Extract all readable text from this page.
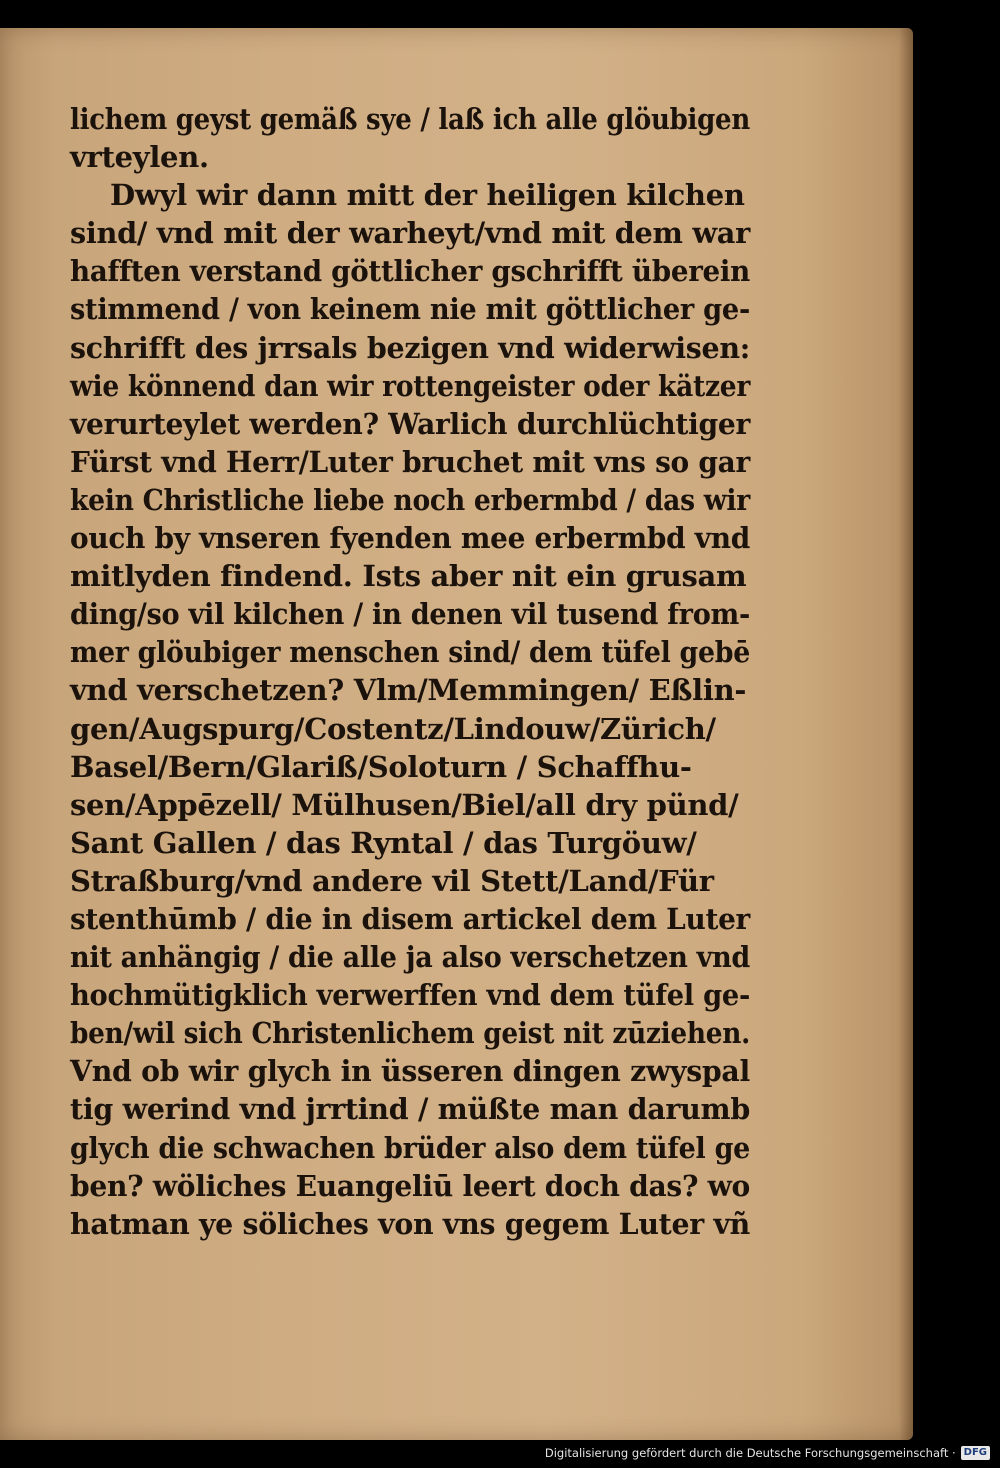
lichem geyst gemäß sye / laß ich alle glöubigen
vrteylen.
Dwyl wir dann mitt der heiligen kilchen
sind/ vnd mit der warheyt/vnd mit dem war
hafften verstand göttlicher gschrifft überein
stimmend / von keinem nie mit göttlicher ge-
schrifft des jrrsals bezigen vnd widerwisen:
wie könnend dan wir rottengeister oder kätzer
verurteylet werden? Warlich durchlüchtiger
Fürst vnd Herr/Luter bruchet mit vns so gar
kein Christliche liebe noch erbermbd / das wir
ouch by vnseren fyenden mee erbermbd vnd
mitlyden findend. Ists aber nit ein grusam
ding/so vil kilchen / in denen vil tusend from-
mer glöubiger menschen sind/ dem tüfel gebē
vnd verschetzen? Vlm/Memmingen/ Eßlin-
gen/Augspurg/Costentz/Lindouw/Zürich/
Basel/Bern/Glariß/Soloturn / Schaffhu-
sen/Appēzell/ Mülhusen/Biel/all dry pünd/
Sant Gallen / das Ryntal / das Turgöuw/
Straßburg/vnd andere vil Stett/Land/Für
stenthūmb / die in disem artickel dem Luter
nit anhängig / die alle ja also verschetzen vnd
hochmütigklich verwerffen vnd dem tüfel ge-
ben/wil sich Christenlichem geist nit zūziehen.
Vnd ob wir glych in üsseren dingen zwyspal
tig werind vnd jrrtind / müßte man darumb
glych die schwachen brüder also dem tüfel ge
ben? wöliches Euangeliū leert doch das? wo
hatman ye söliches von vns gegem Luter vñ
Digitalisierung gefördert durch die Deutsche Forschungsgemeinschaft · DFG
